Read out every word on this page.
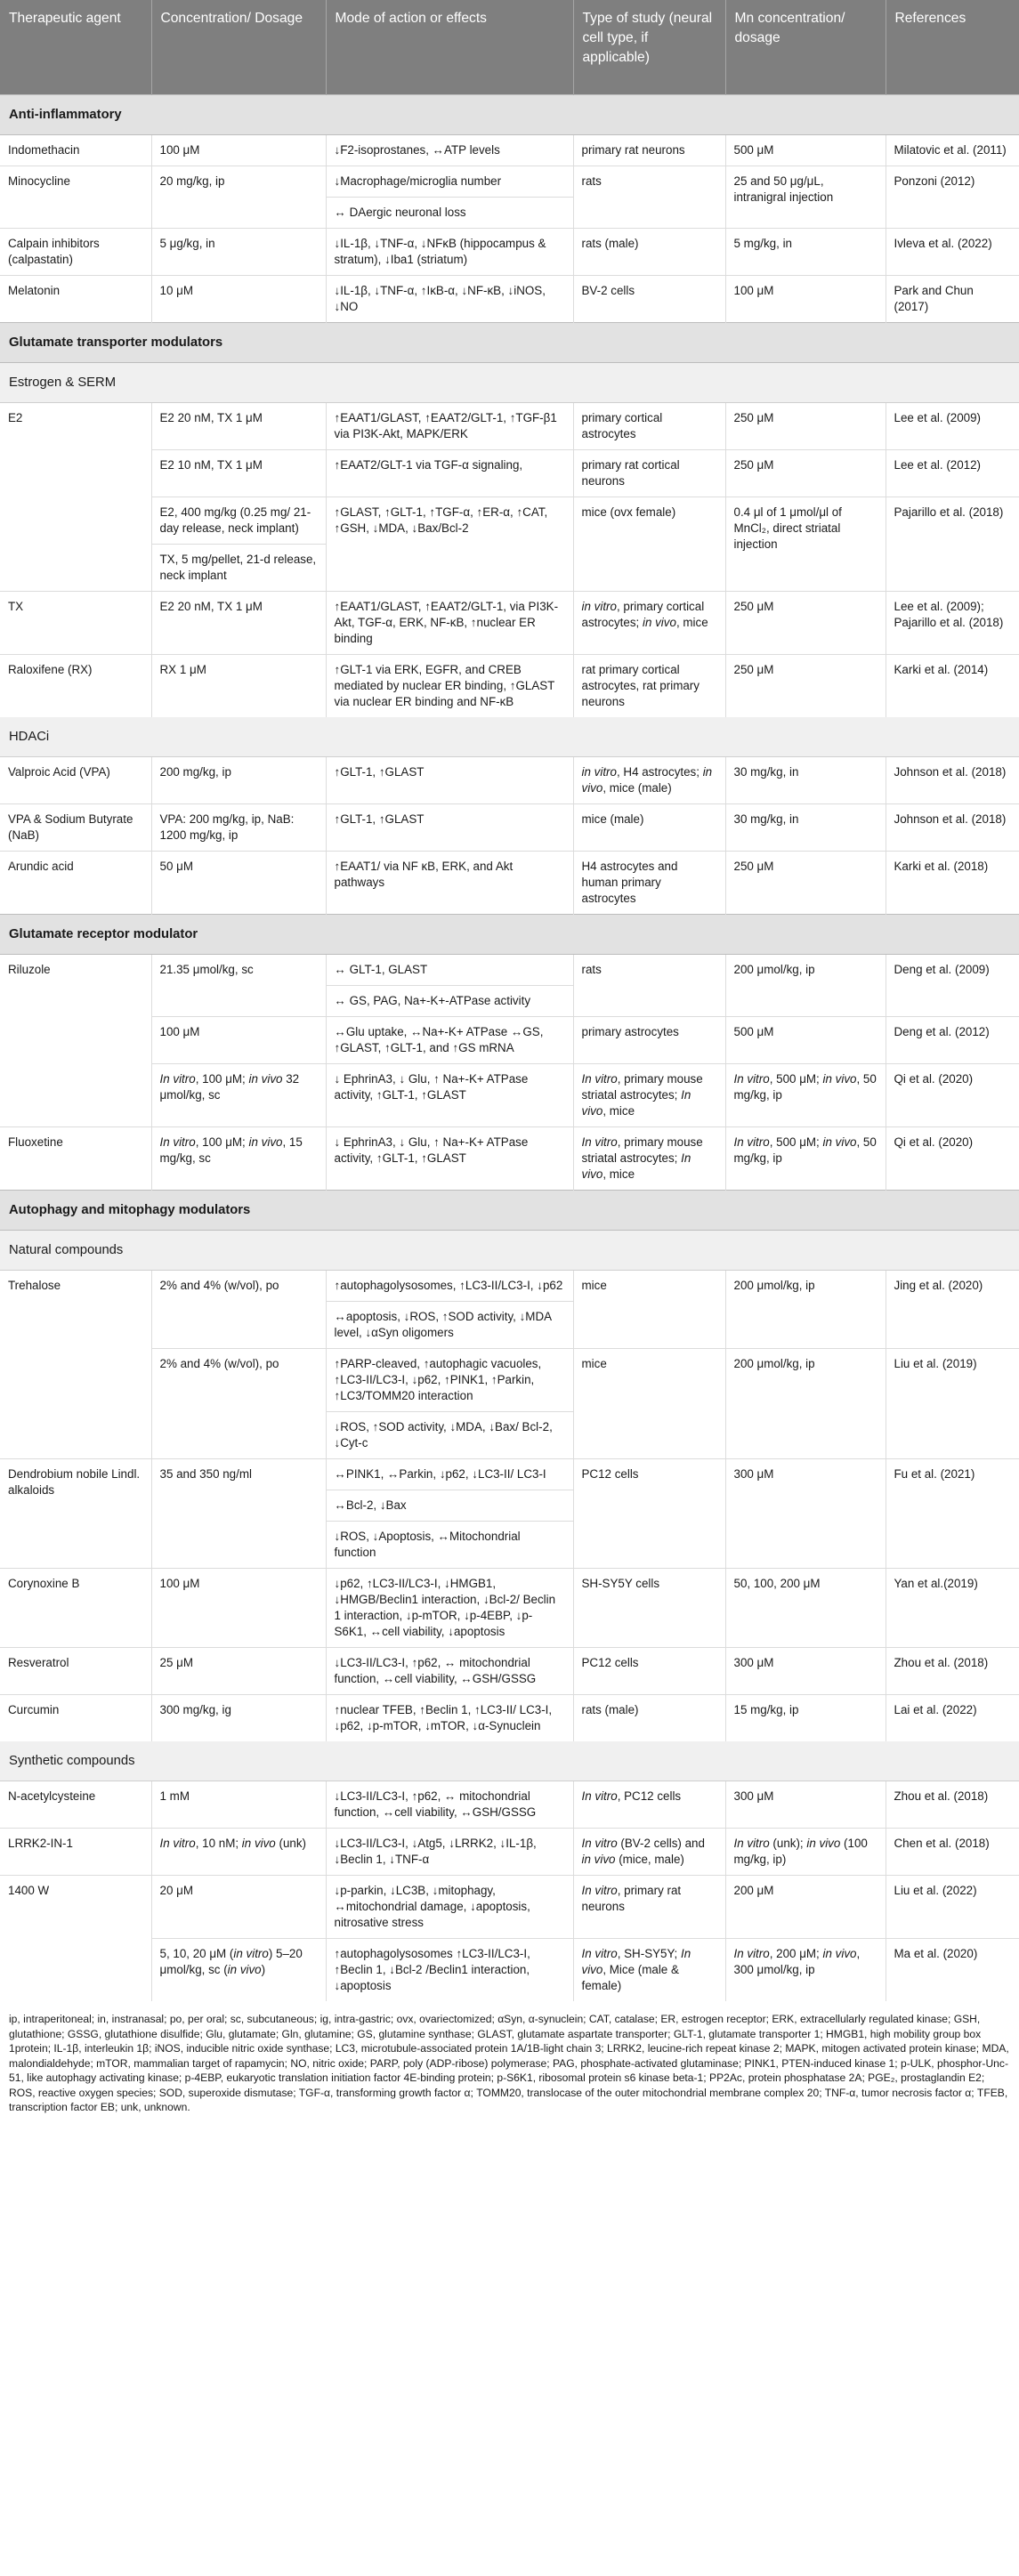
Therapeutic agent	Concentration/ Dosage	Mode of action or effects	Type of study (neural cell type, if applicable)	Mn concentration/ dosage	References
Anti-inflammatory					
Indomethacin	100 μM	↓F2-isoprostanes, ↔ATP levels	primary rat neurons	500 μM	Milatovic et al. (2011)
Minocycline	20 mg/kg, ip	↓Macrophage/microglia number	rats	25 and 50 μg/μL, intranigral injection	Ponzoni (2012)
		↔ DAergic neuronal loss			
Calpain inhibitors (calpastatin)	5 μg/kg, in	↓IL-1β, ↓TNF-α, ↓NFκB (hippocampus & stratum), ↓Iba1 (striatum)	rats (male)	5 mg/kg, in	Ivleva et al. (2022)
Melatonin	10 μM	↓IL-1β, ↓TNF-α, ↑IκB-α, ↓NF-κB, ↓iNOS, ↓NO	BV-2 cells	100 μM	Park and Chun (2017)
Glutamate transporter modulators					
Estrogen & SERM					
E2	E2 20 nM, TX 1 μM	↑EAAT1/GLAST, ↑EAAT2/GLT-1, ↑TGF-β1 via PI3K-Akt, MAPK/ERK	primary cortical astrocytes	250 μM	Lee et al. (2009)
	E2 10 nM, TX 1 μM	↑EAAT2/GLT-1 via TGF-α signaling,	primary rat cortical neurons	250 μM	Lee et al. (2012)
	E2, 400 mg/kg (0.25 mg/ 21-day release, neck implant)	↑GLAST, ↑GLT-1, ↑TGF-α, ↑ER-α, ↑CAT, ↑GSH, ↓MDA, ↓Bax/Bcl-2	mice (ovx female)	0.4 μl of 1 μmol/μl of MnCl₂, direct striatal injection	Pajarillo et al. (2018)
	TX, 5 mg/pellet, 21-d release, neck implant				
TX	E2 20 nM, TX 1 μM	↑EAAT1/GLAST, ↑EAAT2/GLT-1, via PI3K-Akt, TGF-α, ERK, NF-κB, ↑nuclear ER binding	in vitro, primary cortical astrocytes; in vivo, mice	250 μM	Lee et al. (2009); Pajarillo et al. (2018)
Raloxifene (RX)	RX 1 μM	↑GLT-1 via ERK, EGFR, and CREB mediated by nuclear ER binding, ↑GLAST via nuclear ER binding and NF-κB	rat primary cortical astrocytes, rat primary neurons	250 μM	Karki et al. (2014)
HDACi					
Valproic Acid (VPA)	200 mg/kg, ip	↑GLT-1, ↑GLAST	in vitro, H4 astrocytes; in vivo, mice (male)	30 mg/kg, in	Johnson et al. (2018)
VPA & Sodium Butyrate (NaB)	VPA: 200 mg/kg, ip, NaB: 1200 mg/kg, ip	↑GLT-1, ↑GLAST	mice (male)	30 mg/kg, in	Johnson et al. (2018)
Arundic acid	50 μM	↑EAAT1/ via NF κB, ERK, and Akt pathways	H4 astrocytes and human primary astrocytes	250 μM	Karki et al. (2018)
Glutamate receptor modulator					
Riluzole	21.35 μmol/kg, sc	↔ GLT-1, GLAST	rats	200 μmol/kg, ip	Deng et al. (2009)
		↔ GS, PAG, Na+-K+-ATPase activity			
	100 μM	↔Glu uptake, ↔Na+-K+ ATPase ↔GS, ↑GLAST, ↑GLT-1, and ↑GS mRNA	primary astrocytes	500 μM	Deng et al. (2012)
	In vitro, 100 μM; in vivo 32 μmol/kg, sc	↓ EphrinA3, ↓ Glu, ↑ Na+-K+ ATPase activity, ↑GLT-1, ↑GLAST	In vitro, primary mouse striatal astrocytes; In vivo, mice	In vitro, 500 μM; in vivo, 50 mg/kg, ip	Qi et al. (2020)
Fluoxetine	In vitro, 100 μM; in vivo, 15 mg/kg, sc	↓ EphrinA3, ↓ Glu, ↑ Na+-K+ ATPase activity, ↑GLT-1, ↑GLAST	In vitro, primary mouse striatal astrocytes; In vivo, mice	In vitro, 500 μM; in vivo, 50 mg/kg, ip	Qi et al. (2020)
Autophagy and mitophagy modulators					
Natural compounds					
Trehalose	2% and 4% (w/vol), po	↑autophagolysosomes, ↑LC3-II/LC3-I, ↓p62	mice	200 μmol/kg, ip	Jing et al. (2020)
		↔apoptosis, ↓ROS, ↑SOD activity, ↓MDA level, ↓αSyn oligomers			
	2% and 4% (w/vol), po	↑PARP-cleaved, ↑autophagic vacuoles, ↑LC3-II/LC3-I, ↓p62, ↑PINK1, ↑Parkin, ↑LC3/TOMM20 interaction	mice	200 μmol/kg, ip	Liu et al. (2019)
		↓ROS, ↑SOD activity, ↓MDA, ↓Bax/ Bcl-2, ↓Cyt-c			
Dendrobium nobile Lindl. alkaloids	35 and 350 ng/ml	↔PINK1, ↔Parkin, ↓p62, ↓LC3-II/ LC3-I	PC12 cells	300 μM	Fu et al. (2021)
		↔Bcl-2, ↓Bax			
		↓ROS, ↓Apoptosis, ↔Mitochondrial function			
Corynoxine B	100 μM	↓p62, ↑LC3-II/LC3-I, ↓HMGB1, ↓HMGB/Beclin1 interaction, ↓Bcl-2/ Beclin 1 interaction, ↓p-mTOR, ↓p-4EBP, ↓p-S6K1, ↔cell viability, ↓apoptosis	SH-SY5Y cells	50, 100, 200 μM	Yan et al.(2019)
Resveratrol	25 μM	↓LC3-II/LC3-I, ↑p62, ↔ mitochondrial function, ↔cell viability, ↔GSH/GSSG	PC12 cells	300 μM	Zhou et al. (2018)
Curcumin	300 mg/kg, ig	↑nuclear TFEB, ↑Beclin 1, ↑LC3-II/ LC3-I, ↓p62, ↓p-mTOR, ↓mTOR, ↓α-Synuclein	rats (male)	15 mg/kg, ip	Lai et al. (2022)
Synthetic compounds					
N-acetylcysteine	1 mM	↓LC3-II/LC3-I, ↑p62, ↔ mitochondrial function, ↔cell viability, ↔GSH/GSSG	In vitro, PC12 cells	300 μM	Zhou et al. (2018)
LRRK2-IN-1	In vitro, 10 nM; in vivo (unk)	↓LC3-II/LC3-I, ↓Atg5, ↓LRRK2, ↓IL-1β, ↓Beclin 1, ↓TNF-α	In vitro (BV-2 cells) and in vivo (mice, male)	In vitro (unk); in vivo (100 mg/kg, ip)	Chen et al. (2018)
1400 W	20 μM	↓p-parkin, ↓LC3B, ↓mitophagy, ↔mitochondrial damage, ↓apoptosis, nitrosative stress	In vitro, primary rat neurons	200 μM	Liu et al. (2022)
	5, 10, 20 μM (in vitro) 5–20 μmol/kg, sc (in vivo)	↑autophagolysosomes ↑LC3-II/LC3-I, ↑Beclin 1, ↓Bcl-2 /Beclin1 interaction, ↓apoptosis	In vitro, SH-SY5Y; In vivo, Mice (male & female)	In vitro, 200 μM; in vivo, 300 μmol/kg, ip	Ma et al. (2020)
ip, intraperitoneal; in, instranasal; po, per oral; sc, subcutaneous; ig, intra-gastric; ovx, ovariectomized; αSyn, α-synuclein; CAT, catalase; ER, estrogen receptor; ERK, extracellularly regulated kinase; GSH, glutathione; GSSG, glutathione disulfide; Glu, glutamate; Gln, glutamine; GS, glutamine synthase; GLAST, glutamate aspartate transporter; GLT-1, glutamate transporter 1; HMGB1, high mobility group box 1protein; IL-1β, interleukin 1β; iNOS, inducible nitric oxide synthase; LC3, microtubule-associated protein 1A/1B-light chain 3; LRRK2, leucine-rich repeat kinase 2; MAPK, mitogen activated protein kinase; MDA, malondialdehyde; mTOR, mammalian target of rapamycin; NO, nitric oxide; PARP, poly (ADP-ribose) polymerase; PAG, phosphate-activated glutaminase; PINK1, PTEN-induced kinase 1; p-ULK, phosphor-Unc-51, like autophagy activating kinase; p-4EBP, eukaryotic translation initiation factor 4E-binding protein; p-S6K1, ribosomal protein s6 kinase beta-1; PP2Ac, protein phosphatase 2A; PGE₂, prostaglandin E2; ROS, reactive oxygen species; SOD, superoxide dismutase; TGF-α, transforming growth factor α; TOMM20, translocase of the outer mitochondrial membrane complex 20; TNF-α, tumor necrosis factor α; TFEB, transcription factor EB; unk, unknown.
